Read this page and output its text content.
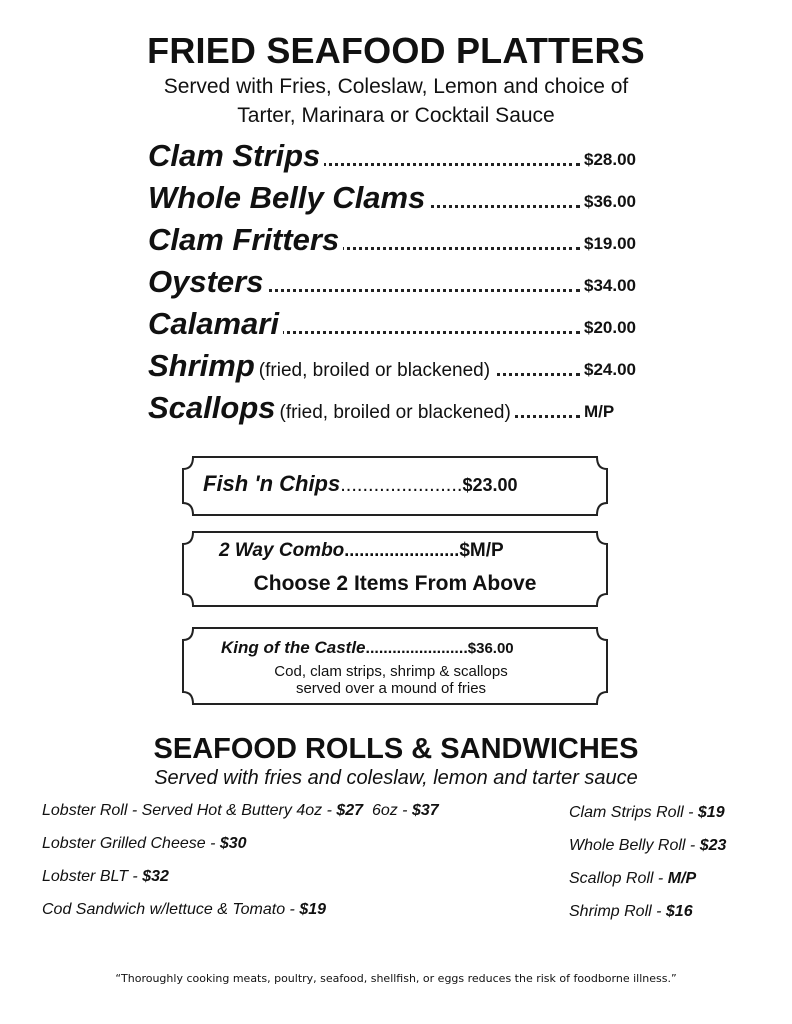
FRIED SEAFOOD PLATTERS
Served with Fries, Coleslaw, Lemon and choice of
Tarter, Marinara or Cocktail Sauce
Clam Strips	$28.00
Whole Belly Clams	$36.00
Clam Fritters	$19.00
Oysters	$34.00
Calamari	$20.00
Shrimp (fried, broiled or blackened)	$24.00
Scallops (fried, broiled or blackened)	M/P
Fish 'n Chips......................$23.00
2 Way Combo.......................$M/P
Choose 2 Items From Above
King of the Castle.......................$36.00
Cod, clam strips, shrimp & scallops
served over a mound of fries
SEAFOOD ROLLS & SANDWICHES
Served with fries and coleslaw, lemon and tarter sauce
Lobster Roll - Served Hot & Buttery 4oz - $27  6oz - $37
Lobster Grilled Cheese - $30
Lobster BLT - $32
Cod Sandwich w/lettuce & Tomato - $19
Clam Strips Roll - $19
Whole Belly Roll - $23
Scallop Roll - M/P
Shrimp Roll - $16
“Thoroughly cooking meats, poultry, seafood, shellfish, or eggs reduces the risk of foodborne illness.”
